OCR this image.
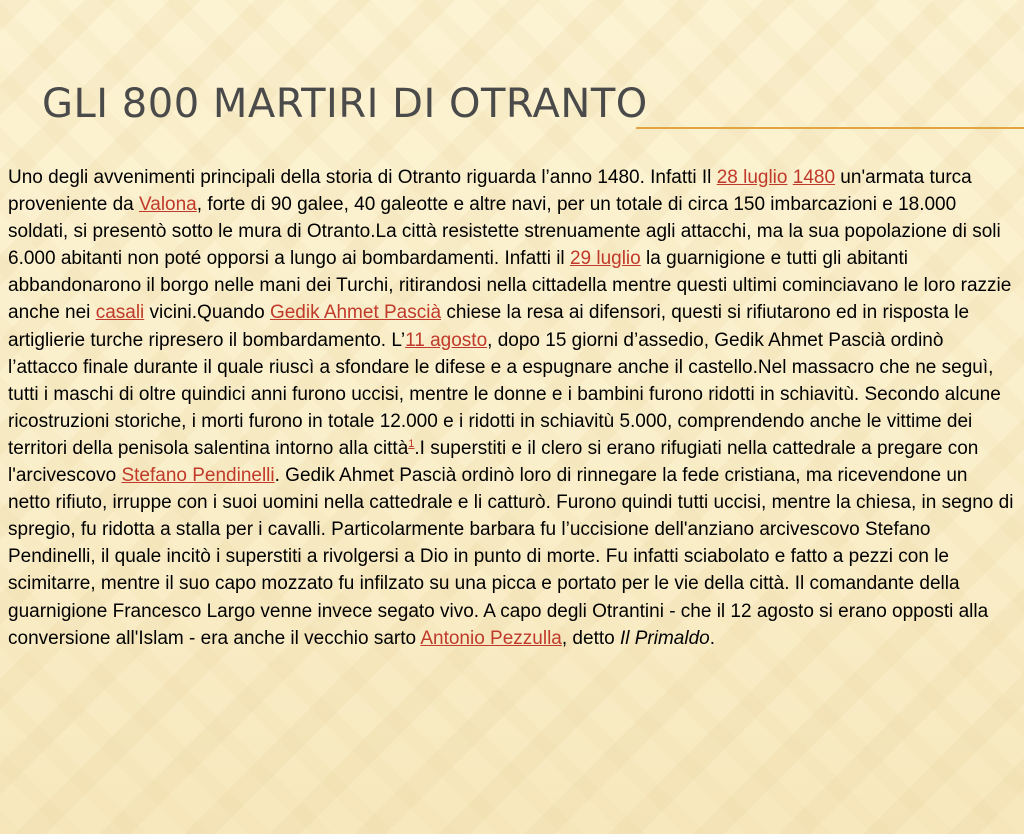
GLI 800 MARTIRI DI OTRANTO

Uno degli avvenimenti principali della storia di Otranto riguarda l’anno 1480. Infatti Il 28 luglio 1480 un'armata turca proveniente da Valona, forte di 90 galee, 40 galeotte e altre navi, per un totale di circa 150 imbarcazioni e 18.000 soldati, si presentò sotto le mura di Otranto.La città resistette strenuamente agli attacchi, ma la sua popolazione di soli 6.000 abitanti non poté opporsi a lungo ai bombardamenti. Infatti il 29 luglio la guarnigione e tutti gli abitanti abbandonarono il borgo nelle mani dei Turchi, ritirandosi nella cittadella mentre questi ultimi cominciavano le loro razzie anche nei casali vicini.Quando Gedik Ahmet Pascià chiese la resa ai difensori, questi si rifiutarono ed in risposta le artiglierie turche ripresero il bombardamento. L’11 agosto, dopo 15 giorni d’assedio, Gedik Ahmet Pascià ordinò l’attacco finale durante il quale riuscì a sfondare le difese e a espugnare anche il castello.Nel massacro che ne seguì, tutti i maschi di oltre quindici anni furono uccisi, mentre le donne e i bambini furono ridotti in schiavitù. Secondo alcune ricostruzioni storiche, i morti furono in totale 12.000 e i ridotti in schiavitù 5.000, comprendendo anche le vittime dei territori della penisola salentina intorno alla città$^1$.I superstiti e il clero si erano rifugiati nella cattedrale a pregare con l'arcivescovo Stefano Pendinelli. Gedik Ahmet Pascià ordinò loro di rinnegare la fede cristiana, ma ricevendone un netto rifiuto, irruppe con i suoi uomini nella cattedrale e li catturò. Furono quindi tutti uccisi, mentre la chiesa, in segno di spregio, fu ridotta a stalla per i cavalli. Particolarmente barbara fu l’uccisione dell'anziano arcivescovo Stefano Pendinelli, il quale incitò i superstiti a rivolgersi a Dio in punto di morte. Fu infatti sciabolato e fatto a pezzi con le scimitarre, mentre il suo capo mozzato fu infilzato su una picca e portato per le vie della città. Il comandante della guarnigione Francesco Largo venne invece segato vivo. A capo degli Otrantini - che il 12 agosto si erano opposti alla conversione all'Islam - era anche il vecchio sarto Antonio Pezzulla, detto Il Primaldo.
